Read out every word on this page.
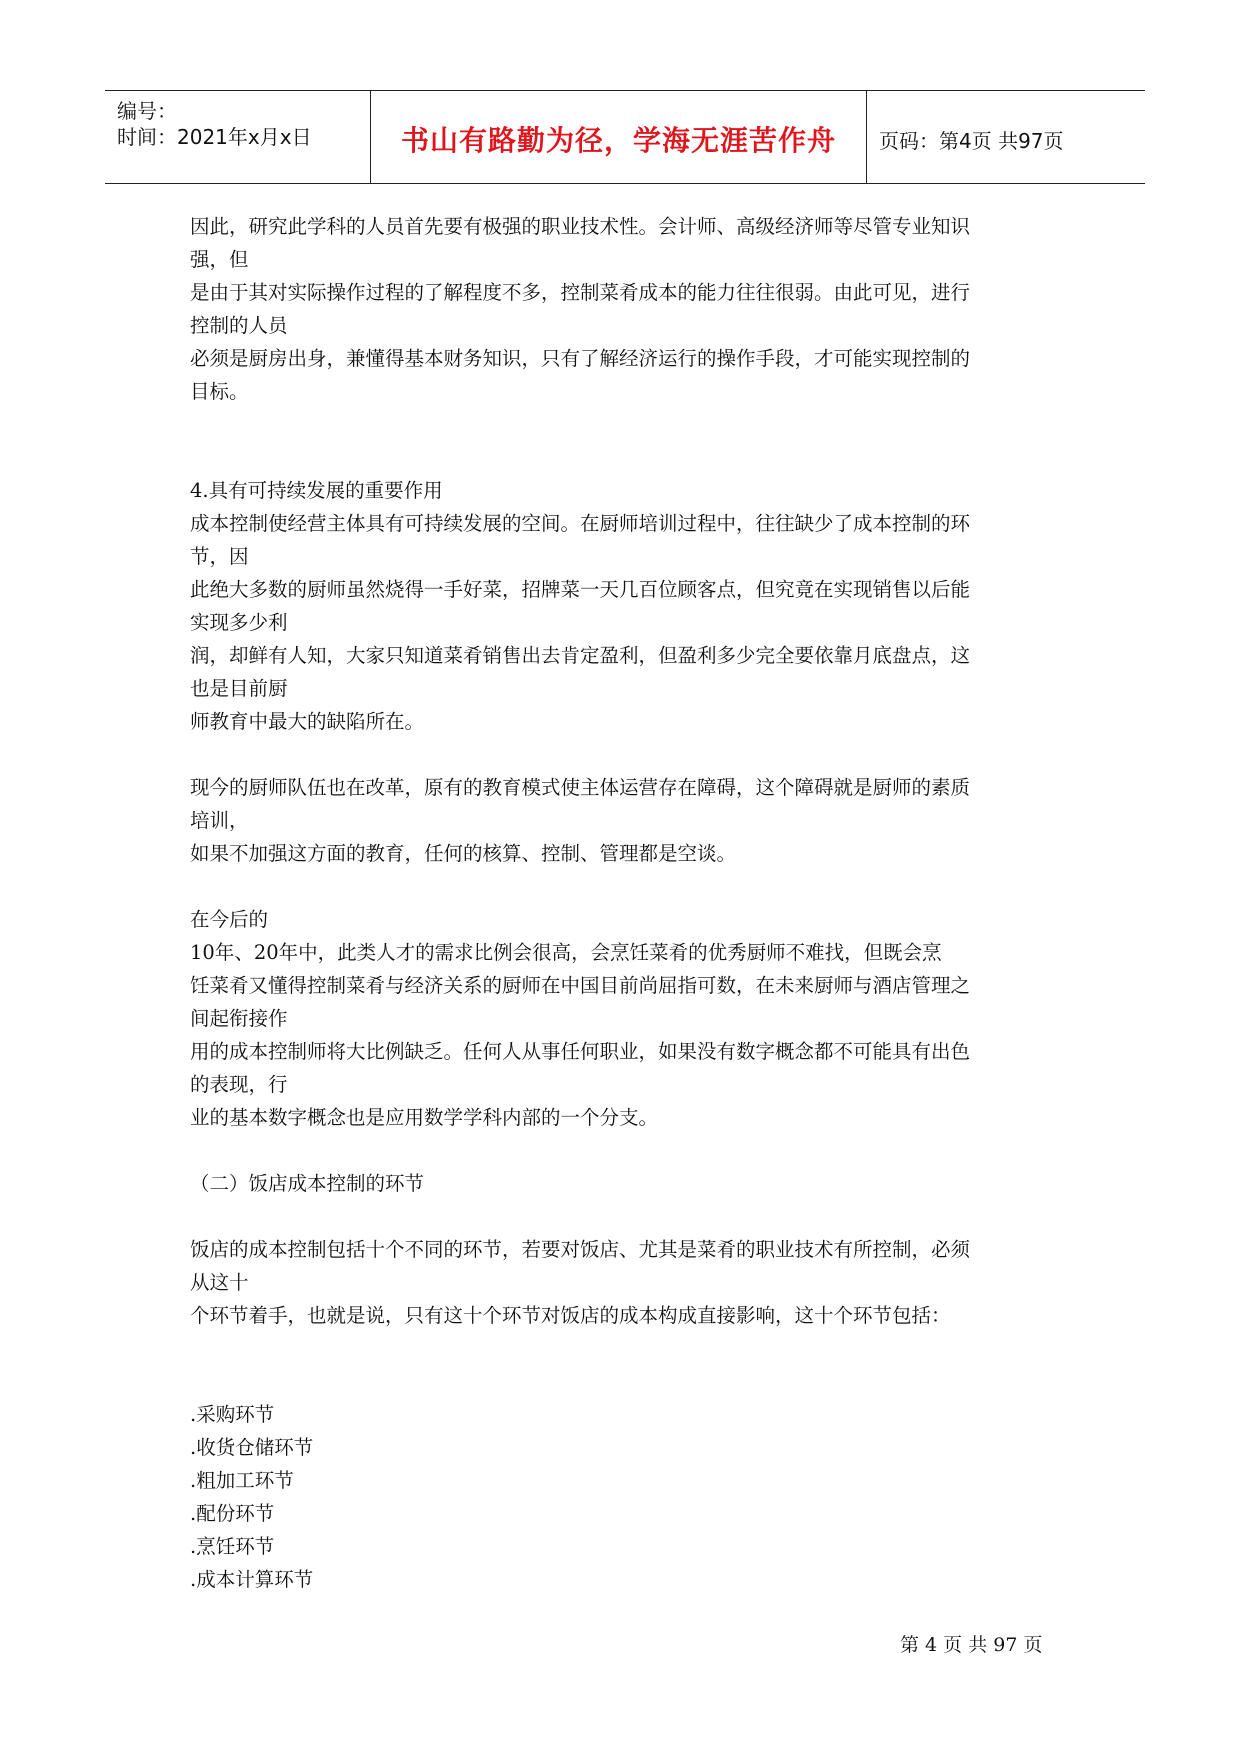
编号：
时间：2021年x月x日	书山有路勤为径，学海无涯苦作舟	页码：第4页 共97页
因此，研究此学科的人员首先要有极强的职业技术性。会计师、高级经济师等尽管专业知识
强，但
是由于其对实际操作过程的了解程度不多，控制菜肴成本的能力往往很弱。由此可见，进行
控制的人员
必须是厨房出身，兼懂得基本财务知识，只有了解经济运行的操作手段，才可能实现控制的
目标。
4.具有可持续发展的重要作用
成本控制使经营主体具有可持续发展的空间。在厨师培训过程中，往往缺少了成本控制的环
节，因
此绝大多数的厨师虽然烧得一手好菜，招牌菜一天几百位顾客点，但究竟在实现销售以后能
实现多少利
润，却鲜有人知，大家只知道菜肴销售出去肯定盈利，但盈利多少完全要依靠月底盘点，这
也是目前厨
师教育中最大的缺陷所在。
现今的厨师队伍也在改革，原有的教育模式使主体运营存在障碍，这个障碍就是厨师的素质
培训，
如果不加强这方面的教育，任何的核算、控制、管理都是空谈。
在今后的
10年、20年中，此类人才的需求比例会很高，会烹饪菜肴的优秀厨师不难找，但既会烹
饪菜肴又懂得控制菜肴与经济关系的厨师在中国目前尚屈指可数，在未来厨师与酒店管理之
间起衔接作
用的成本控制师将大比例缺乏。任何人从事任何职业，如果没有数字概念都不可能具有出色
的表现，行
业的基本数字概念也是应用数学学科内部的一个分支。
（二）饭店成本控制的环节
饭店的成本控制包括十个不同的环节，若要对饭店、尤其是菜肴的职业技术有所控制，必须
从这十
个环节着手，也就是说，只有这十个环节对饭店的成本构成直接影响，这十个环节包括：
.采购环节
.收货仓储环节
.粗加工环节
.配份环节
.烹饪环节
.成本计算环节
第 4 页 共 97 页
